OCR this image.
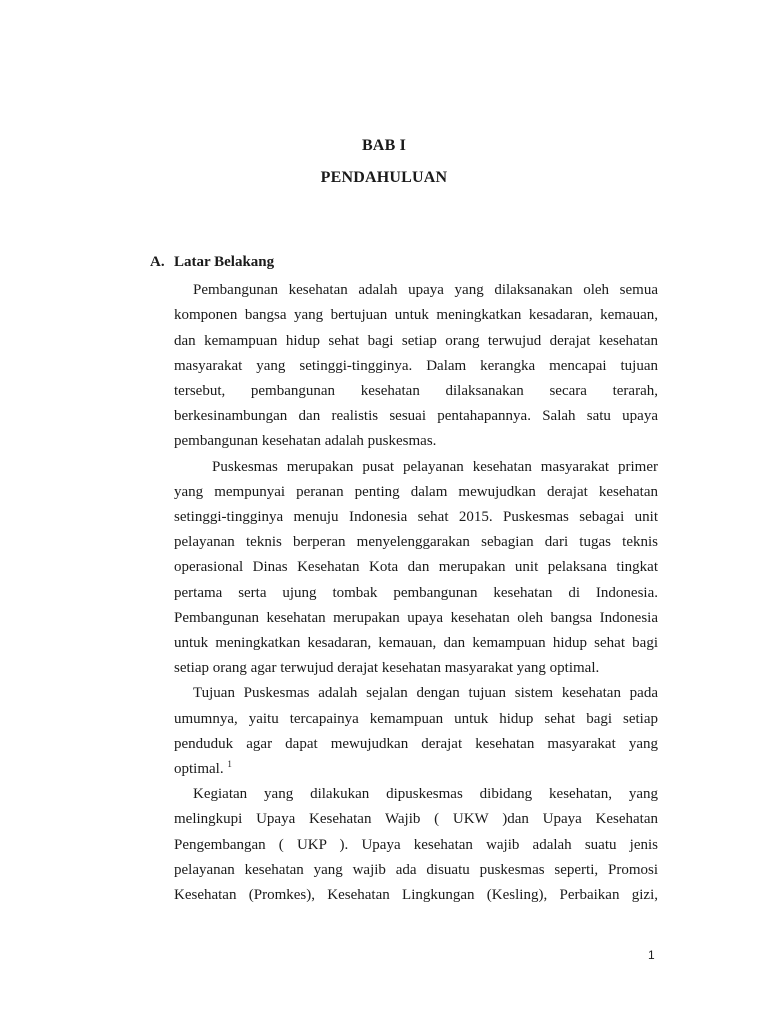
BAB I
PENDAHULUAN
A. Latar Belakang
Pembangunan kesehatan adalah upaya yang dilaksanakan oleh semua
komponen bangsa yang bertujuan untuk meningkatkan kesadaran, kemauan,
dan kemampuan hidup sehat bagi setiap orang terwujud derajat kesehatan
masyarakat yang setinggi-tingginya. Dalam kerangka mencapai tujuan
tersebut, pembangunan kesehatan dilaksanakan secara terarah,
berkesinambungan dan realistis sesuai pentahapannya. Salah satu upaya
pembangunan kesehatan adalah puskesmas.
Puskesmas merupakan pusat pelayanan kesehatan masyarakat primer
yang mempunyai peranan penting dalam mewujudkan derajat kesehatan
setinggi-tingginya menuju Indonesia sehat 2015. Puskesmas sebagai unit
pelayanan teknis berperan menyelenggarakan sebagian dari tugas teknis
operasional Dinas Kesehatan Kota dan merupakan unit pelaksana tingkat
pertama serta ujung tombak pembangunan kesehatan di Indonesia.
Pembangunan kesehatan merupakan upaya kesehatan oleh bangsa Indonesia
untuk meningkatkan kesadaran, kemauan, dan kemampuan hidup sehat bagi
setiap orang agar terwujud derajat kesehatan masyarakat yang optimal.
Tujuan Puskesmas adalah sejalan dengan tujuan sistem kesehatan pada
umumnya, yaitu tercapainya kemampuan untuk hidup sehat bagi setiap
penduduk agar dapat mewujudkan derajat kesehatan masyarakat yang
optimal. $^1$
Kegiatan yang dilakukan dipuskesmas dibidang kesehatan, yang
melingkupi Upaya Kesehatan Wajib ( UKW )dan Upaya Kesehatan
Pengembangan ( UKP ). Upaya kesehatan wajib adalah suatu jenis
pelayanan kesehatan yang wajib ada disuatu puskesmas seperti, Promosi
Kesehatan (Promkes), Kesehatan Lingkungan (Kesling), Perbaikan gizi,
1
